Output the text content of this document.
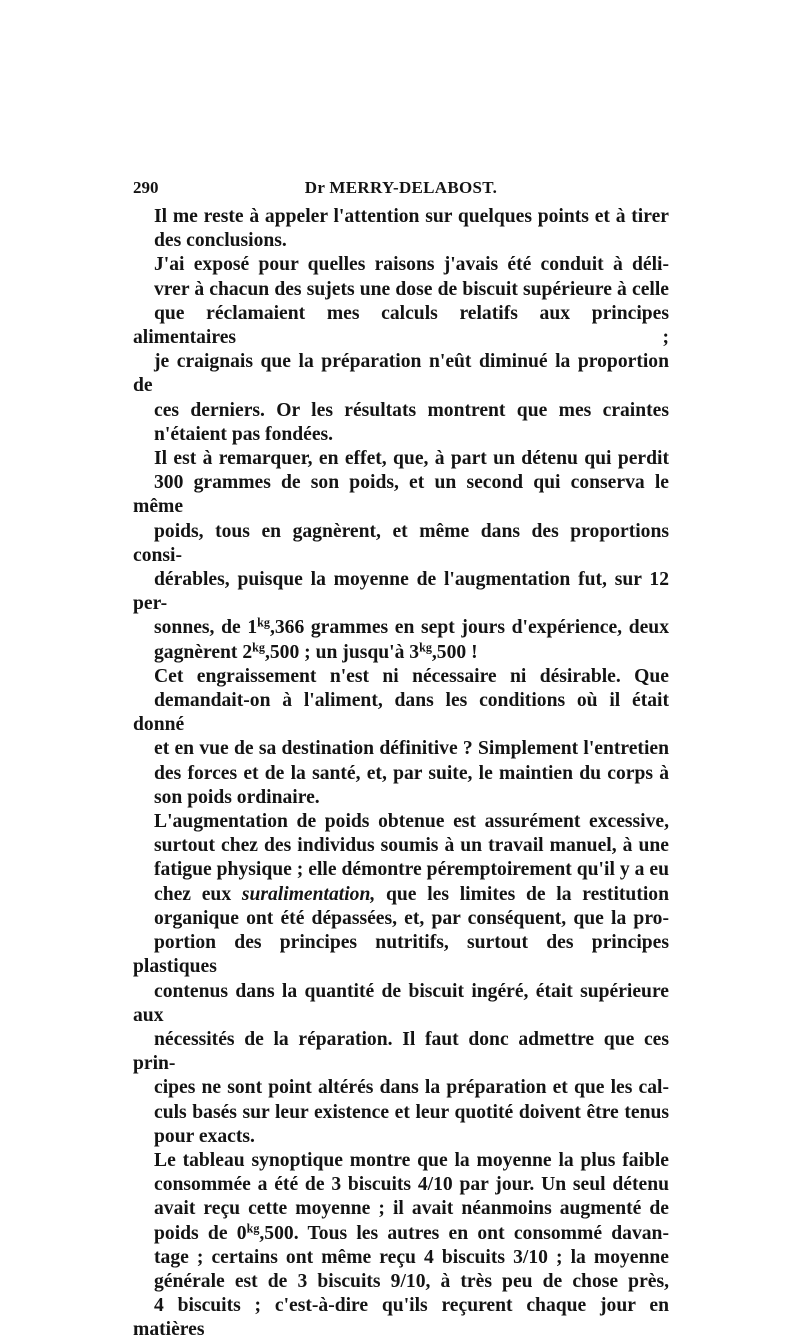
290	Dr MERRY-DELABOST.

Il me reste à appeler l'attention sur quelques points et à tirer
des conclusions.

J'ai exposé pour quelles raisons j'avais été conduit à déli-
vrer à chacun des sujets une dose de biscuit supérieure à celle
que réclamaient mes calculs relatifs aux principes alimentaires ;
je craignais que la préparation n'eût diminué la proportion de
ces derniers. Or les résultats montrent que mes craintes
n'étaient pas fondées.

Il est à remarquer, en effet, que, à part un détenu qui perdit
300 grammes de son poids, et un second qui conserva le même
poids, tous en gagnèrent, et même dans des proportions consi-
dérables, puisque la moyenne de l'augmentation fut, sur 12 per-
sonnes, de $1^{kg},366$ grammes en sept jours d'expérience, deux
gagnèrent $2^{kg},500$ ; un jusqu'à $3^{kg},500$ !

Cet engraissement n'est ni nécessaire ni désirable. Que
demandait-on à l'aliment, dans les conditions où il était donné
et en vue de sa destination définitive ? Simplement l'entretien
des forces et de la santé, et, par suite, le maintien du corps à
son poids ordinaire.

L'augmentation de poids obtenue est assurément excessive,
surtout chez des individus soumis à un travail manuel, à une
fatigue physique ; elle démontre péremptoirement qu'il y a eu
chez eux suralimentation, que les limites de la restitution
organique ont été dépassées, et, par conséquent, que la pro-
portion des principes nutritifs, surtout des principes plastiques
contenus dans la quantité de biscuit ingéré, était supérieure aux
nécessités de la réparation. Il faut donc admettre que ces prin-
cipes ne sont point altérés dans la préparation et que les cal-
culs basés sur leur existence et leur quotité doivent être tenus
pour exacts.

Le tableau synoptique montre que la moyenne la plus faible
consommée a été de 3 biscuits 4/10 par jour. Un seul détenu
avait reçu cette moyenne ; il avait néanmoins augmenté de
poids de $0^{kg},500$. Tous les autres en ont consommé davan-
tage ; certains ont même reçu 4 biscuits 3/10 ; la moyenne
générale est de 3 biscuits 9/10, à très peu de chose près,
4 biscuits ; c'est-à-dire qu'ils reçurent chaque jour en matières
